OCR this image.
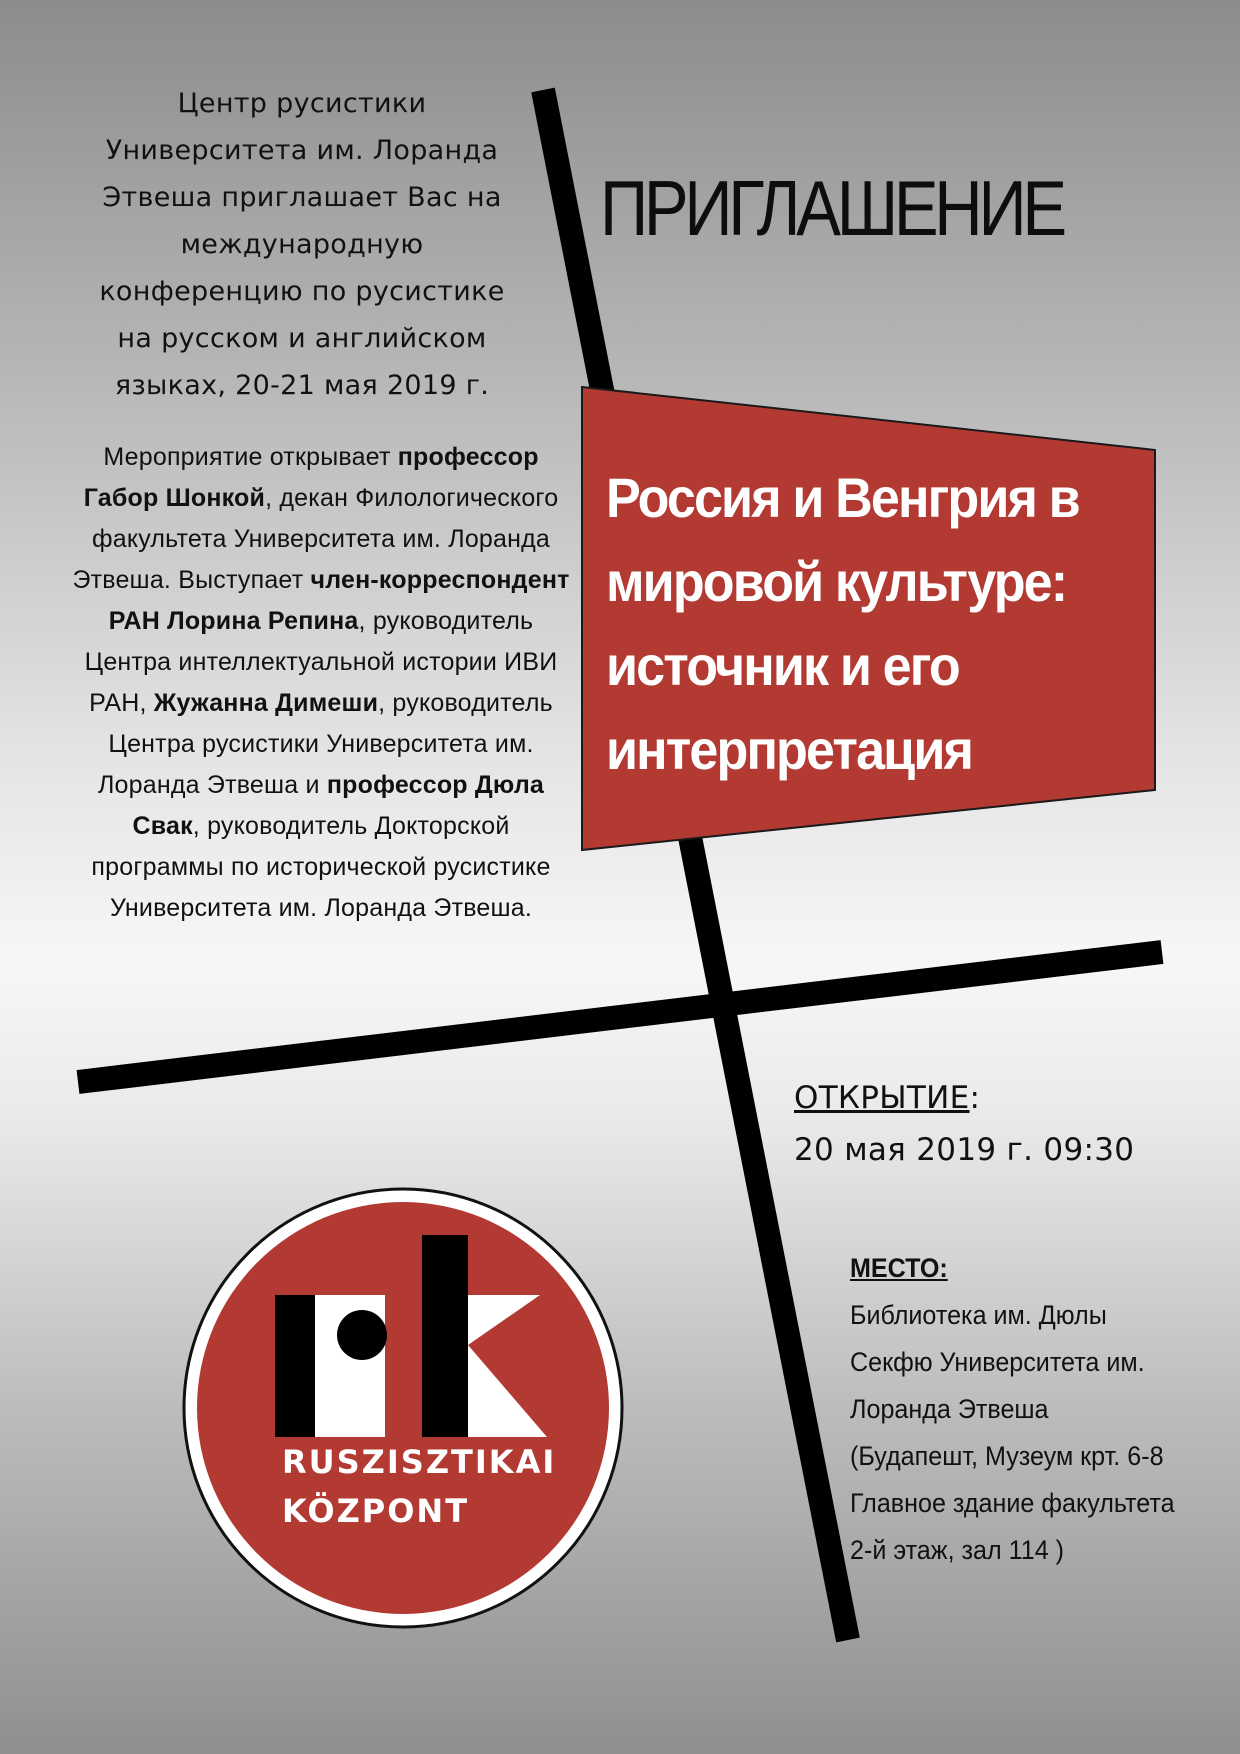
Центр русистики
Университета им. Лоранда
Этвеша приглашает Вас на
международную
конференцию по русистике
на русском и английском
языках, 20-21 мая 2019 г.
Мероприятие открывает профессор Габор Шонкой, декан Филологического факультета Университета им. Лоранда Этвеша. Выступает член-корреспондент РАН Лорина Репина, руководитель Центра интеллектуальной истории ИВИ РАН, Жужанна Димеши, руководитель Центра русистики Университета им. Лоранда Этвеша и профессор Дюла Свак, руководитель Докторской программы по исторической русистике Университета им. Лоранда Этвеша.
ПРИГЛАШЕНИЕ
Россия и Венгрия в
мировой культуре:
источник и его
интерпретация
ОТКРЫТИЕ:
20 мая 2019 г. 09:30
МЕСТО:
Библиотека им. Дюлы
Секфю Университета им.
Лоранда Этвеша
(Будапешт, Музеум крт. 6-8
Главное здание факультета
2-й этаж, зал 114 )
RUSZISZTIKAI
KÖZPONT
